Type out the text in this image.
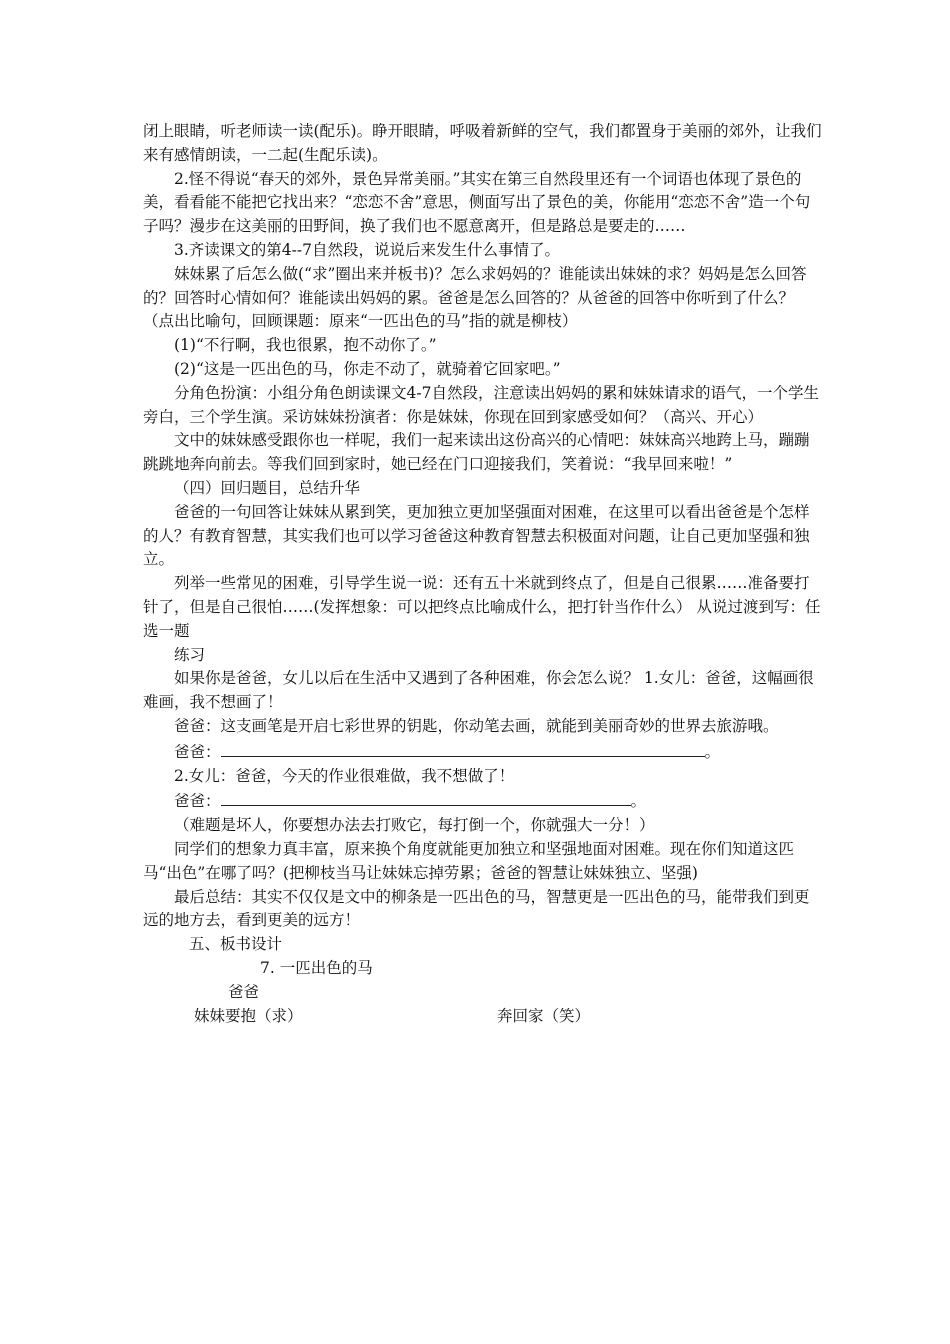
闭上眼睛，听老师读一读(配乐)。睁开眼睛，呼吸着新鲜的空气，我们都置身于美丽的郊外，让我们来有感情朗读，一二起(生配乐读)。

2.怪不得说“春天的郊外，景色异常美丽。”其实在第三自然段里还有一个词语也体现了景色的美，看看能不能把它找出来？“恋恋不舍”意思，侧面写出了景色的美，你能用“恋恋不舍”造一个句子吗？漫步在这美丽的田野间，换了我们也不愿意离开，但是路总是要走的……

3.齐读课文的第4--7自然段，说说后来发生什么事情了。

妹妹累了后怎么做(“求”圈出来并板书)？怎么求妈妈的？谁能读出妹妹的求？妈妈是怎么回答的？回答时心情如何？谁能读出妈妈的累。爸爸是怎么回答的？从爸爸的回答中你听到了什么？（点出比喻句，回顾课题：原来“一匹出色的马”指的就是柳枝）

(1)“不行啊，我也很累，抱不动你了。”

(2)“这是一匹出色的马，你走不动了，就骑着它回家吧。”

分角色扮演：小组分角色朗读课文4-7自然段，注意读出妈妈的累和妹妹请求的语气，一个学生旁白，三个学生演。采访妹妹扮演者：你是妹妹，你现在回到家感受如何？（高兴、开心）

文中的妹妹感受跟你也一样呢，我们一起来读出这份高兴的心情吧：妹妹高兴地跨上马，蹦蹦跳跳地奔向前去。等我们回到家时，她已经在门口迎接我们，笑着说：“我早回来啦！”

（四）回归题目，总结升华

爸爸的一句回答让妹妹从累到笑，更加独立更加坚强面对困难，在这里可以看出爸爸是个怎样的人？有教育智慧，其实我们也可以学习爸爸这种教育智慧去积极面对问题，让自己更加坚强和独立。

列举一些常见的困难，引导学生说一说：还有五十米就到终点了，但是自己很累……准备要打针了，但是自己很怕……(发挥想象：可以把终点比喻成什么，把打针当作什么） 从说过渡到写：任选一题

练习

如果你是爸爸，女儿以后在生活中又遇到了各种困难，你会怎么说？ 1.女儿：爸爸，这幅画很难画，我不想画了！

爸爸：这支画笔是开启七彩世界的钥匙，你动笔去画，就能到美丽奇妙的世界去旅游哦。

爸爸：	。

2.女儿：爸爸，今天的作业很难做，我不想做了！

爸爸：	。

（难题是坏人，你要想办法去打败它，每打倒一个，你就强大一分！）

同学们的想象力真丰富，原来换个角度就能更加独立和坚强地面对困难。现在你们知道这匹马“出色”在哪了吗？(把柳枝当马让妹妹忘掉劳累；爸爸的智慧让妹妹独立、坚强)

最后总结：其实不仅仅是文中的柳条是一匹出色的马，智慧更是一匹出色的马，能带我们到更远的地方去，看到更美的远方！

五、板书设计

7. 一匹出色的马
爸爸
妹妹要抱（求）	奔回家（笑）
